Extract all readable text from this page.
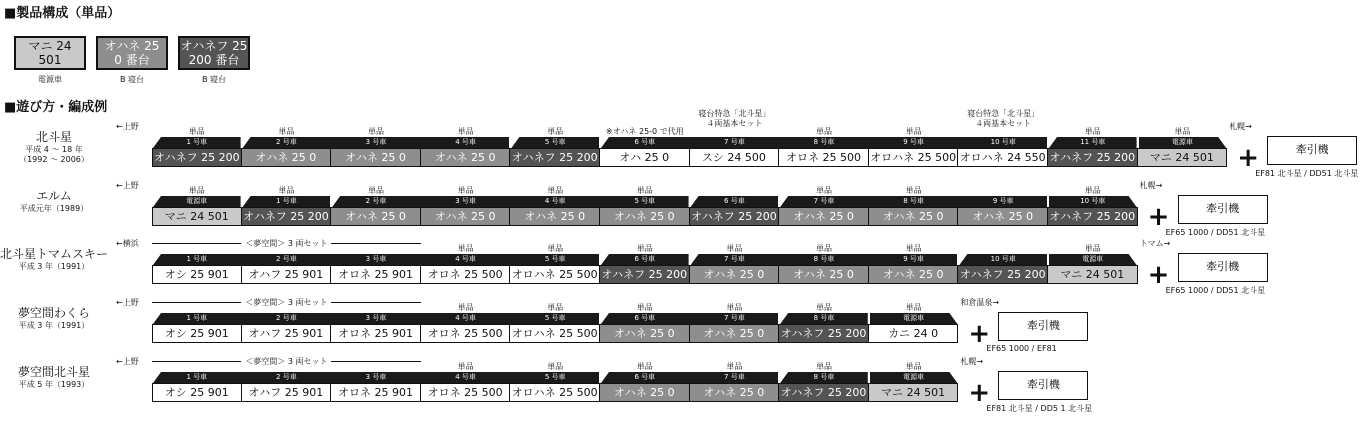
■製品構成（単品）
マニ 24
501
電源車
オハネ 25
0 番台
B 寝台
オハネフ 25
200 番台
B 寝台
■遊び方・編成例
北斗星
平成 4 ～ 18 年
（1992 ～ 2006）
←上野	札幌→
寝台特急「北斗星」
４両基本セット
寝台特急「北斗星」
４両基本セット
単品
1 号車
オハネフ 25 200
単品
2 号車
オハネ 25 0
単品
3 号車
オハネ 25 0
単品
4 号車
オハネ 25 0
単品
5 号車
オハネフ 25 200
※オハネ 25-0 で代用
6 号車
オハ 25 0
7 号車
スシ 24 500
単品
8 号車
オロネ 25 500
単品
9 号車
オロハネ 25 500
10 号車
オロハネ 24 550
単品
11 号車
オハネフ 25 200
単品
電源車
マニ 24 501 +	牽引機
EF81 北斗星 / DD51 北斗星
エルム
平成元年（1989）
←上野	札幌→
単品
電源車
マニ 24 501
単品
1 号車
オハネフ 25 200
単品
2 号車
オハネ 25 0
単品
3 号車
オハネ 25 0
単品
4 号車
オハネ 25 0
単品
5 号車
オハネ 25 0
6 号車
オハネフ 25 200
単品
7 号車
オハネ 25 0
単品
8 号車
オハネ 25 0
9 号車
オハネ 25 0
単品
10 号車
オハネフ 25 200 +	牽引機
EF65 1000 / DD51 北斗星
北斗星トマムスキー
平成 3 年（1991）
←横浜	トマム→
＜夢空間＞ 3 両セット
1 号車
オシ 25 901
2 号車
オハフ 25 901
3 号車
オロネ 25 901
単品
4 号車
オロネ 25 500
単品
5 号車
オロハネ 25 500
単品
6 号車
オハネフ 25 200
単品
7 号車
オハネ 25 0
単品
8 号車
オハネ 25 0
単品
9 号車
オハネ 25 0
10 号車
オハネフ 25 200
単品
電源車
マニ 24 501 +	牽引機
EF65 1000 / DD51 北斗星
夢空間わくら
平成 3 年（1991）
←上野	和倉温泉→
＜夢空間＞ 3 両セット
1 号車
オシ 25 901
2 号車
オハフ 25 901
3 号車
オロネ 25 901
単品
4 号車
オロネ 25 500
単品
5 号車
オロハネ 25 500
単品
6 号車
オハネ 25 0
単品
7 号車
オハネ 25 0
単品
8 号車
オハネフ 25 200
単品
電源車
カニ 24 0	+	牽引機
EF65 1000 / EF81
夢空間北斗星
平成 5 年（1993）
←上野	札幌→
＜夢空間＞ 3 両セット
1 号車
オシ 25 901
2 号車
オハフ 25 901
3 号車
オロネ 25 901
単品
4 号車
オロネ 25 500
単品
5 号車
オロハネ 25 500
単品
6 号車
オハネ 25 0
単品
7 号車
オハネ 25 0
単品
8 号車
オハネフ 25 200
単品
電源車
マニ 24 501 +	牽引機
EF81 北斗星 / DD5 1 北斗星
